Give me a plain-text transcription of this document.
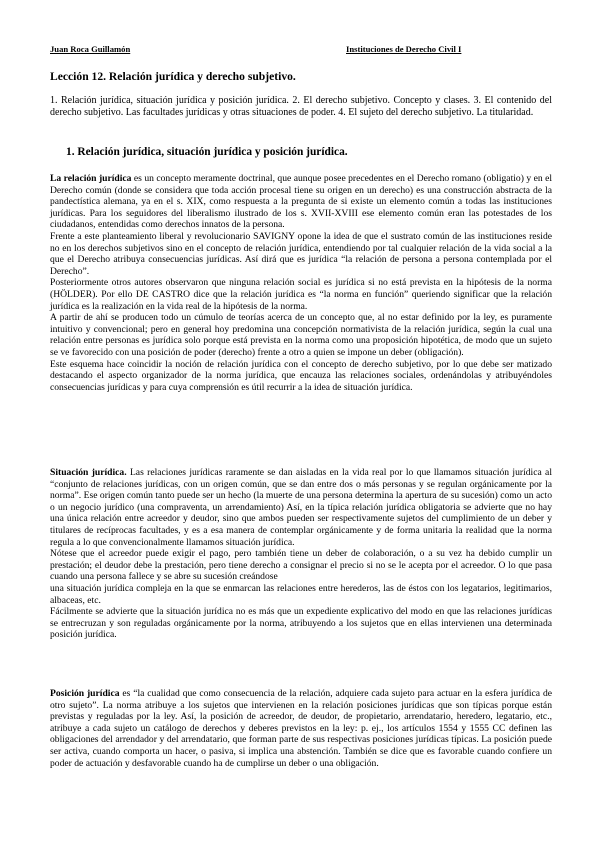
Juan Roca Guillamón	Instituciones de Derecho Civil I
Lección 12. Relación jurídica y derecho subjetivo.
1. Relación jurídica, situación jurídica y posición jurídica. 2. El derecho subjetivo. Concepto y clases. 3. El contenido del derecho subjetivo. Las facultades jurídicas y otras situaciones de poder. 4. El sujeto del derecho subjetivo. La titularidad.
1. Relación jurídica, situación jurídica y posición jurídica.

La relación jurídica es un concepto meramente doctrinal, que aunque posee precedentes en el Derecho romano (obligatio) y en el Derecho común (donde se considera que toda acción procesal tiene su origen en un derecho) es una construcción abstracta de la pandectística alemana, ya en el s. XIX, como respuesta a la pregunta de si existe un elemento común a todas las instituciones jurídicas. Para los seguidores del liberalismo ilustrado de los s. XVII-XVIII ese elemento común eran las potestades de los ciudadanos, entendidas como derechos innatos de la persona.

Frente a este planteamiento liberal y revolucionario SAVIGNY opone la idea de que el sustrato común de las instituciones reside no en los derechos subjetivos sino en el concepto de relación jurídica, entendiendo por tal cualquier relación de la vida social a la que el Derecho atribuya consecuencias jurídicas. Así dirá que es jurídica “la relación de persona a persona contemplada por el Derecho”.

Posteriormente otros autores observaron que ninguna relación social es jurídica si no está prevista en la hipótesis de la norma (HÖLDER). Por ello DE CASTRO dice que la relación jurídica es “la norma en función” queriendo significar que la relación jurídica es la realización en la vida real de la hipótesis de la norma.

A partir de ahí se producen todo un cúmulo de teorías acerca de un concepto que, al no estar definido por la ley, es puramente intuitivo y convencional; pero en general hoy predomina una concepción normativista de la relación jurídica, según la cual una relación entre personas es jurídica solo porque está prevista en la norma como una proposición hipotética, de modo que un sujeto se ve favorecido con una posición de poder (derecho) frente a otro a quien se impone un deber (obligación).

Este esquema hace coincidir la noción de relación jurídica con el concepto de derecho subjetivo, por lo que debe ser matizado destacando el aspecto organizador de la norma jurídica, que encauza las relaciones sociales, ordenándolas y atribuyéndoles consecuencias jurídicas y para cuya comprensión es útil recurrir a la idea de situación jurídica.

Situación jurídica. Las relaciones jurídicas raramente se dan aisladas en la vida real por lo que llamamos situación jurídica al “conjunto de relaciones jurídicas, con un origen común, que se dan entre dos o más personas y se regulan orgánicamente por la norma”. Ese origen común tanto puede ser un hecho (la muerte de una persona determina la apertura de su sucesión) como un acto o un negocio jurídico (una compraventa, un arrendamiento) Así, en la típica relación jurídica obligatoria se advierte que no hay una única relación entre acreedor y deudor, sino que ambos pueden ser respectivamente sujetos del cumplimiento de un deber y titulares de recíprocas facultades, y es a esa manera de contemplar orgánicamente y de forma unitaria la realidad que la norma regula a lo que convencionalmente llamamos situación jurídica.

Nótese que el acreedor puede exigir el pago, pero también tiene un deber de colaboración, o a su vez ha debido cumplir un prestación; el deudor debe la prestación, pero tiene derecho a consignar el precio si no se le acepta por el acreedor. O lo que pasa cuando una persona fallece y se abre su sucesión creándose

una situación jurídica compleja en la que se enmarcan las relaciones entre herederos, las de éstos con los legatarios, legitimarios, albaceas, etc.

Fácilmente se advierte que la situación jurídica no es más que un expediente explicativo del modo en que las relaciones jurídicas se entrecruzan y son reguladas orgánicamente por la norma, atribuyendo a los sujetos que en ellas intervienen una determinada posición jurídica.

Posición jurídica es “la cualidad que como consecuencia de la relación, adquiere cada sujeto para actuar en la esfera jurídica de otro sujeto”. La norma atribuye a los sujetos que intervienen en la relación posiciones jurídicas que son típicas porque están previstas y reguladas por la ley. Así, la posición de acreedor, de deudor, de propietario, arrendatario, heredero, legatario, etc., atribuye a cada sujeto un catálogo de derechos y deberes previstos en la ley: p. ej., los artículos 1554 y 1555 CC definen las obligaciones del arrendador y del arrendatario, que forman parte de sus respectivas posiciones jurídicas típicas. La posición puede ser activa, cuando comporta un hacer, o pasiva, si implica una abstención. También se dice que es favorable cuando confiere un poder de actuación y desfavorable cuando ha de cumplirse un deber o una obligación.
